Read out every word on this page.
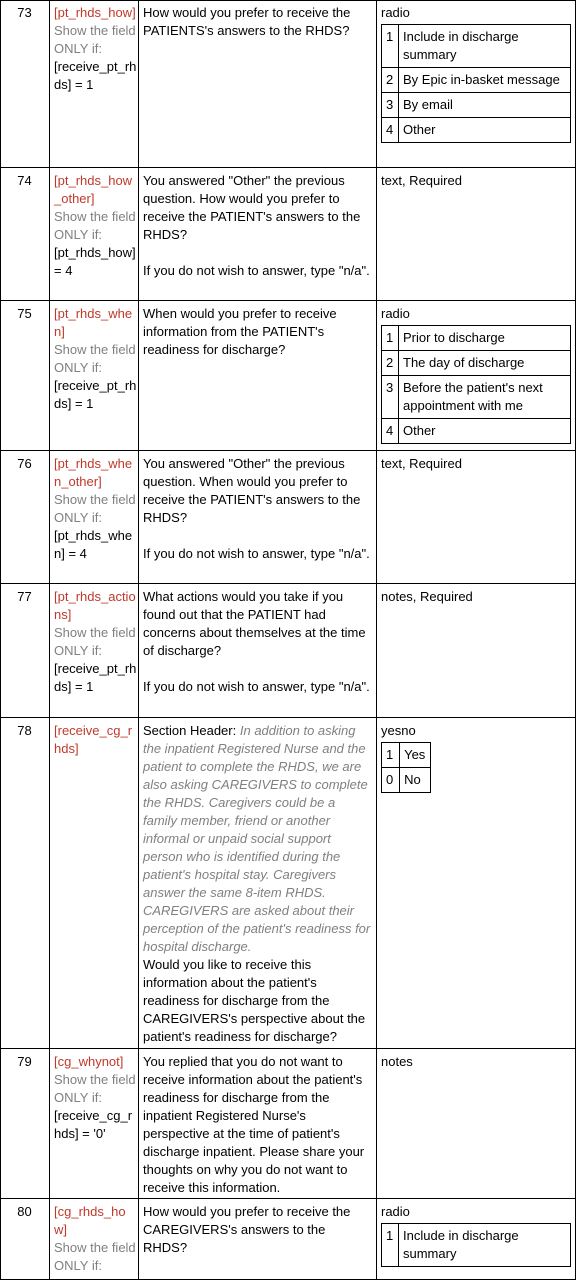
73	[pt_rhds_how]
Show the field ONLY if:
[receive_pt_rhds] = 1
How would you prefer to receive the PATIENTS's answers to the RHDS?
radio
1	Include in discharge summary
2	By Epic in-basket message
3	By email
4	Other
74	[pt_rhds_how_other]
Show the field ONLY if:
[pt_rhds_how] = 4
You answered "Other" the previous question. How would you prefer to receive the PATIENT's answers to the RHDS?
If you do not wish to answer, type "n/a".
text, Required
75	[pt_rhds_when]
Show the field ONLY if:
[receive_pt_rhds] = 1
When would you prefer to receive information from the PATIENT's readiness for discharge?
radio
1	Prior to discharge
2	The day of discharge
3	Before the patient's next appointment with me
4	Other
76	[pt_rhds_when_other]
Show the field ONLY if:
[pt_rhds_when] = 4
You answered "Other" the previous question. When would you prefer to receive the PATIENT's answers to the RHDS?
If you do not wish to answer, type "n/a".
text, Required
77	[pt_rhds_actions]
Show the field ONLY if:
[receive_pt_rhds] = 1
What actions would you take if you found out that the PATIENT had concerns about themselves at the time of discharge?
If you do not wish to answer, type "n/a".
notes, Required
78	[receive_cg_rhds]
Section Header: In addition to asking the inpatient Registered Nurse and the patient to complete the RHDS, we are also asking CAREGIVERS to complete the RHDS. Caregivers could be a family member, friend or another informal or unpaid social support person who is identified during the patient's hospital stay. Caregivers answer the same 8-item RHDS. CAREGIVERS are asked about their perception of the patient's readiness for hospital discharge.
Would you like to receive this information about the patient's readiness for discharge from the CAREGIVERS's perspective about the patient's readiness for discharge?
yesno
1	Yes
0	No
79	[cg_whynot]
Show the field ONLY if:
[receive_cg_rhds] = '0'
You replied that you do not want to receive information about the patient's readiness for discharge from the inpatient Registered Nurse's perspective at the time of patient's discharge inpatient. Please share your thoughts on why you do not want to receive this information.
notes
80	[cg_rhds_how]
Show the field ONLY if:
How would you prefer to receive the CAREGIVERS's answers to the RHDS?
radio
1	Include in discharge summary
